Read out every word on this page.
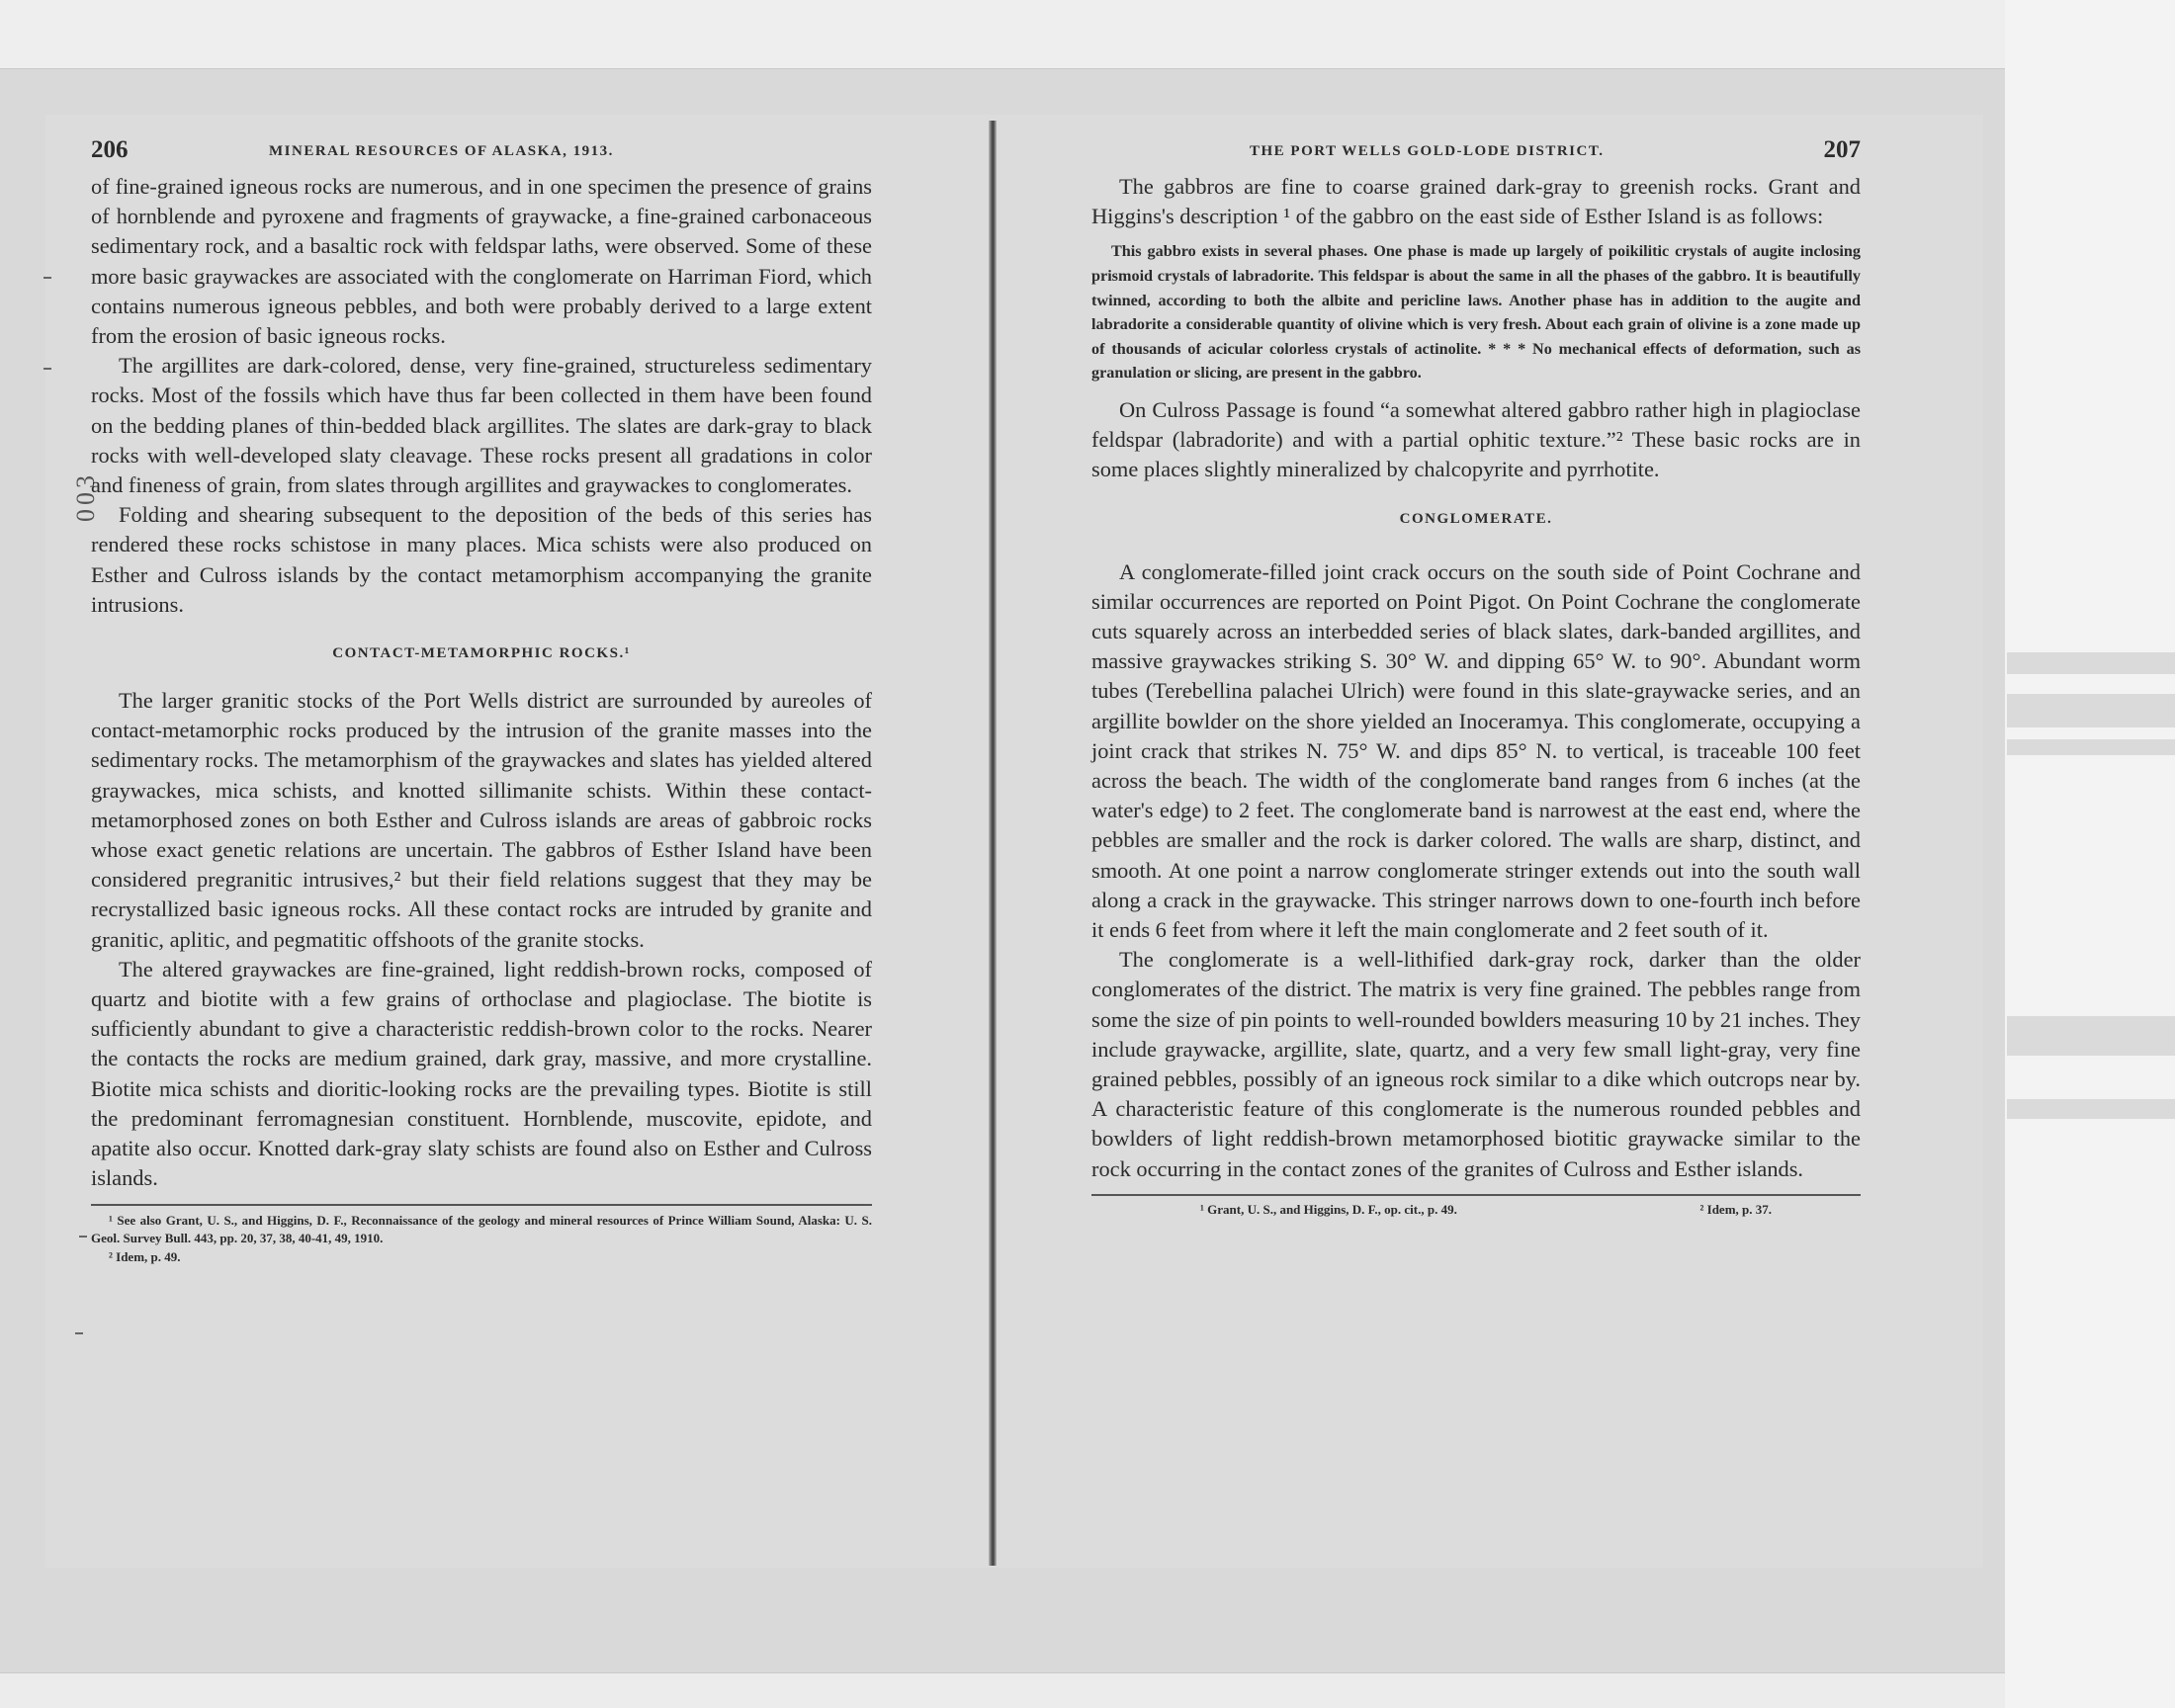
003
206	MINERAL RESOURCES OF ALASKA, 1913.

of fine-grained igneous rocks are numerous, and in one specimen the presence of grains of hornblende and pyroxene and fragments of graywacke, a fine-grained carbonaceous sedimentary rock, and a basaltic rock with feldspar laths, were observed. Some of these more basic graywackes are associated with the conglomerate on Harriman Fiord, which contains numerous igneous pebbles, and both were probably derived to a large extent from the erosion of basic igneous rocks.

The argillites are dark-colored, dense, very fine-grained, structureless sedimentary rocks. Most of the fossils which have thus far been collected in them have been found on the bedding planes of thin-bedded black argillites. The slates are dark-gray to black rocks with well-developed slaty cleavage. These rocks present all gradations in color and fineness of grain, from slates through argillites and graywackes to conglomerates.

Folding and shearing subsequent to the deposition of the beds of this series has rendered these rocks schistose in many places. Mica schists were also produced on Esther and Culross islands by the contact metamorphism accompanying the granite intrusions.

CONTACT-METAMORPHIC ROCKS.¹

The larger granitic stocks of the Port Wells district are surrounded by aureoles of contact-metamorphic rocks produced by the intrusion of the granite masses into the sedimentary rocks. The metamorphism of the graywackes and slates has yielded altered graywackes, mica schists, and knotted sillimanite schists. Within these contact-metamorphosed zones on both Esther and Culross islands are areas of gabbroic rocks whose exact genetic relations are uncertain. The gabbros of Esther Island have been considered pregranitic intrusives,² but their field relations suggest that they may be recrystallized basic igneous rocks. All these contact rocks are intruded by granite and granitic, aplitic, and pegmatitic offshoots of the granite stocks.

The altered graywackes are fine-grained, light reddish-brown rocks, composed of quartz and biotite with a few grains of orthoclase and plagioclase. The biotite is sufficiently abundant to give a characteristic reddish-brown color to the rocks. Nearer the contacts the rocks are medium grained, dark gray, massive, and more crystalline. Biotite mica schists and dioritic-looking rocks are the prevailing types. Biotite is still the predominant ferromagnesian constituent. Hornblende, muscovite, epidote, and apatite also occur. Knotted dark-gray slaty schists are found also on Esther and Culross islands.

¹ See also Grant, U. S., and Higgins, D. F., Reconnaissance of the geology and mineral resources of Prince William Sound, Alaska: U. S. Geol. Survey Bull. 443, pp. 20, 37, 38, 40-41, 49, 1910.

² Idem, p. 49.

THE PORT WELLS GOLD-LODE DISTRICT.	207

The gabbros are fine to coarse grained dark-gray to greenish rocks. Grant and Higgins's description ¹ of the gabbro on the east side of Esther Island is as follows:

This gabbro exists in several phases. One phase is made up largely of poikilitic crystals of augite inclosing prismoid crystals of labradorite. This feldspar is about the same in all the phases of the gabbro. It is beautifully twinned, according to both the albite and pericline laws. Another phase has in addition to the augite and labradorite a considerable quantity of olivine which is very fresh. About each grain of olivine is a zone made up of thousands of acicular colorless crystals of actinolite. * * * No mechanical effects of deformation, such as granulation or slicing, are present in the gabbro.

On Culross Passage is found “a somewhat altered gabbro rather high in plagioclase feldspar (labradorite) and with a partial ophitic texture.”² These basic rocks are in some places slightly mineralized by chalcopyrite and pyrrhotite.

CONGLOMERATE.

A conglomerate-filled joint crack occurs on the south side of Point Cochrane and similar occurrences are reported on Point Pigot. On Point Cochrane the conglomerate cuts squarely across an interbedded series of black slates, dark-banded argillites, and massive graywackes striking S. 30° W. and dipping 65° W. to 90°. Abundant worm tubes (Terebellina palachei Ulrich) were found in this slate-graywacke series, and an argillite bowlder on the shore yielded an Inoceramya. This conglomerate, occupying a joint crack that strikes N. 75° W. and dips 85° N. to vertical, is traceable 100 feet across the beach. The width of the conglomerate band ranges from 6 inches (at the water's edge) to 2 feet. The conglomerate band is narrowest at the east end, where the pebbles are smaller and the rock is darker colored. The walls are sharp, distinct, and smooth. At one point a narrow conglomerate stringer extends out into the south wall along a crack in the graywacke. This stringer narrows down to one-fourth inch before it ends 6 feet from where it left the main conglomerate and 2 feet south of it.

The conglomerate is a well-lithified dark-gray rock, darker than the older conglomerates of the district. The matrix is very fine grained. The pebbles range from some the size of pin points to well-rounded bowlders measuring 10 by 21 inches. They include graywacke, argillite, slate, quartz, and a very few small light-gray, very fine grained pebbles, possibly of an igneous rock similar to a dike which outcrops near by. A characteristic feature of this conglomerate is the numerous rounded pebbles and bowlders of light reddish-brown metamorphosed biotitic graywacke similar to the rock occurring in the contact zones of the granites of Culross and Esther islands.

¹ Grant, U. S., and Higgins, D. F., op. cit., p. 49.	² Idem, p. 37.
